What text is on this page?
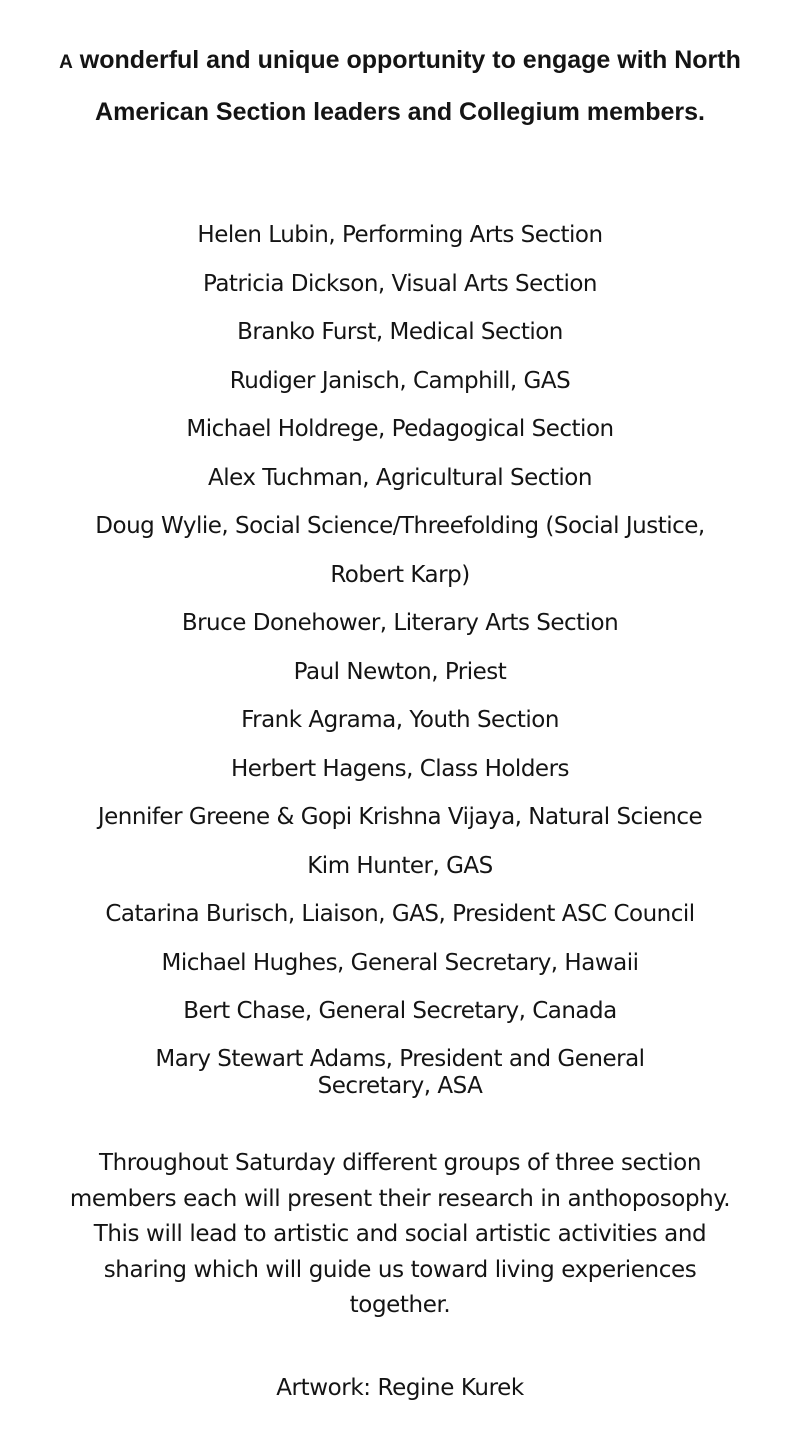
A wonderful and unique opportunity to engage with North American Section leaders and Collegium members.

Helen Lubin, Performing Arts Section
Patricia Dickson, Visual Arts Section
Branko Furst, Medical Section
Rudiger Janisch, Camphill, GAS
Michael Holdrege, Pedagogical Section
Alex Tuchman, Agricultural Section
Doug Wylie, Social Science/Threefolding (Social Justice, Robert Karp)
Bruce Donehower, Literary Arts Section
Paul Newton, Priest
Frank Agrama, Youth Section
Herbert Hagens, Class Holders
Jennifer Greene & Gopi Krishna Vijaya, Natural Science
Kim Hunter, GAS
Catarina Burisch, Liaison, GAS, President ASC Council
Michael Hughes, General Secretary, Hawaii
Bert Chase, General Secretary, Canada
Mary Stewart Adams, President and General Secretary, ASA

Throughout Saturday different groups of three section members each will present their research in anthoposophy. This will lead to artistic and social artistic activities and sharing which will guide us toward living experiences together.

Artwork: Regine Kurek
